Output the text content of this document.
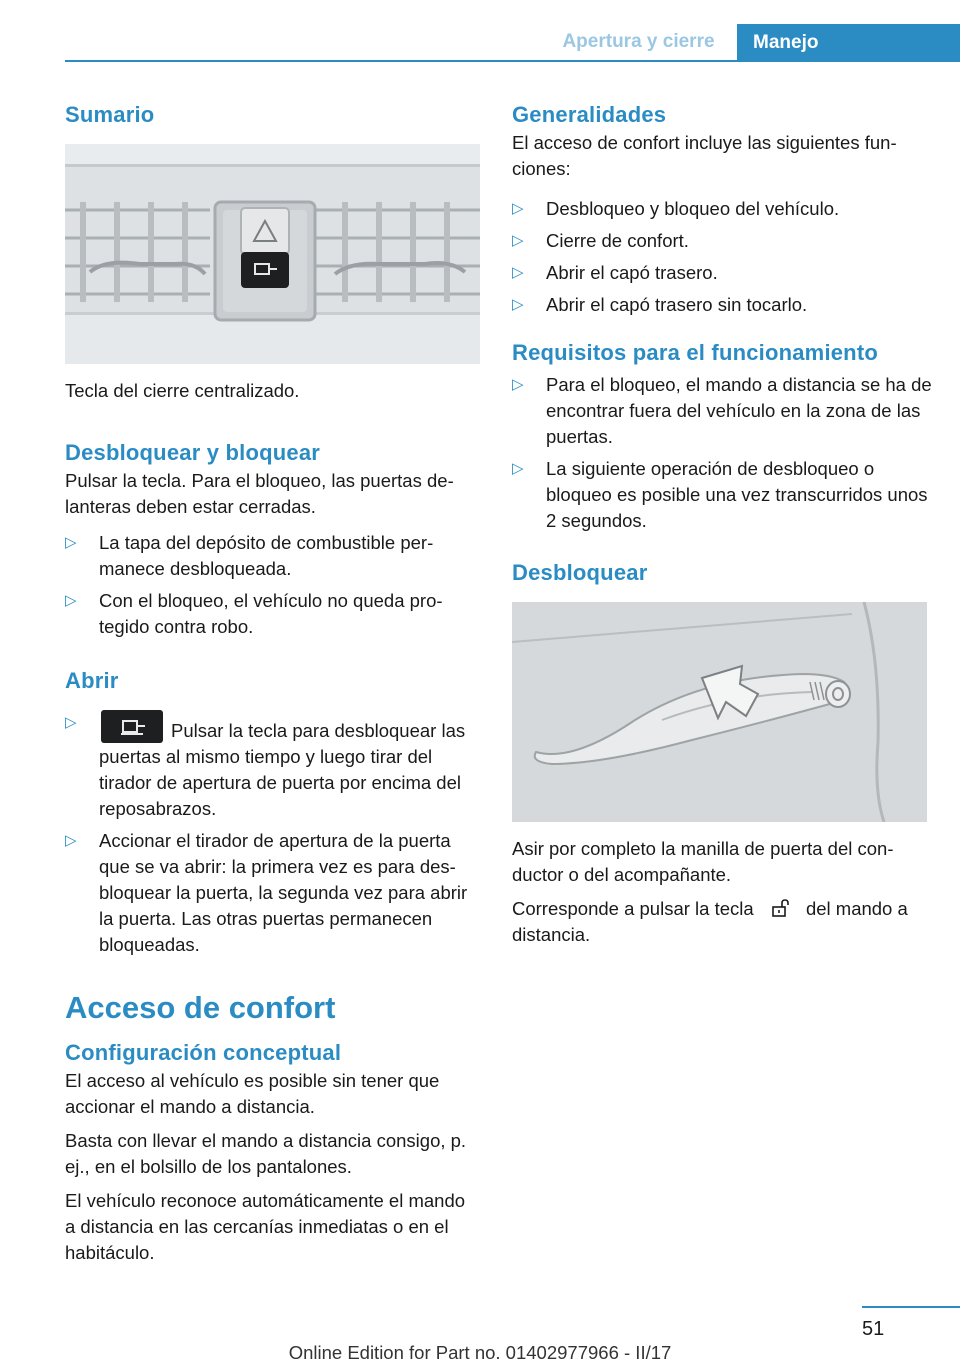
Apertura y cierre	Manejo
Sumario

Tecla del cierre centralizado.

Desbloquear y bloquear

Pulsar la tecla. Para el bloqueo, las puertas delanteras deben estar cerradas.

▷	La tapa del depósito de combustible permanece desbloqueada.
▷	Con el bloqueo, el vehículo no queda protegido contra robo.
Abrir
▷	Pulsar la tecla para desbloquear las puertas al mismo tiempo y luego tirar del tirador de apertura de puerta por encima del reposabrazos.
▷	Accionar el tirador de apertura de la puerta que se va abrir: la primera vez es para desbloquear la puerta, la segunda vez para abrir la puerta. Las otras puertas permanecen bloqueadas.
Acceso de confort
Configuración conceptual

El acceso al vehículo es posible sin tener que accionar el mando a distancia.

Basta con llevar el mando a distancia consigo, p. ej., en el bolsillo de los pantalones.

El vehículo reconoce automáticamente el mando a distancia en las cercanías inmediatas o en el habitáculo.

Generalidades

El acceso de confort incluye las siguientes funciones:

▷	Desbloqueo y bloqueo del vehículo.
▷	Cierre de confort.
▷	Abrir el capó trasero.
▷	Abrir el capó trasero sin tocarlo.
Requisitos para el funcionamiento
▷	Para el bloqueo, el mando a distancia se ha de encontrar fuera del vehículo en la zona de las puertas.
▷	La siguiente operación de desbloqueo o bloqueo es posible una vez transcurridos unos 2 segundos.
Desbloquear

Asir por completo la manilla de puerta del conductor o del acompañante.

Corresponde a pulsar la tecla	del mando a distancia.

51
Online Edition for Part no. 01402977966 - II/17
